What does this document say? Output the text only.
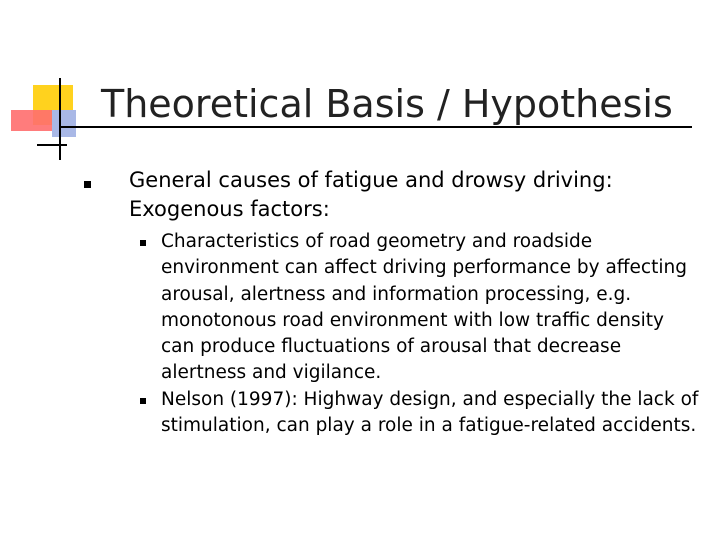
Theoretical Basis / Hypothesis

General causes of fatigue and drowsy driving: Exogenous factors:

Characteristics of road geometry and roadside environment can affect driving performance by affecting arousal, alertness and information processing, e.g. monotonous road environment with low traffic density can produce fluctuations of arousal that decrease alertness and vigilance.

Nelson (1997): Highway design, and especially the lack of stimulation, can play a role in a fatigue-related accidents.
